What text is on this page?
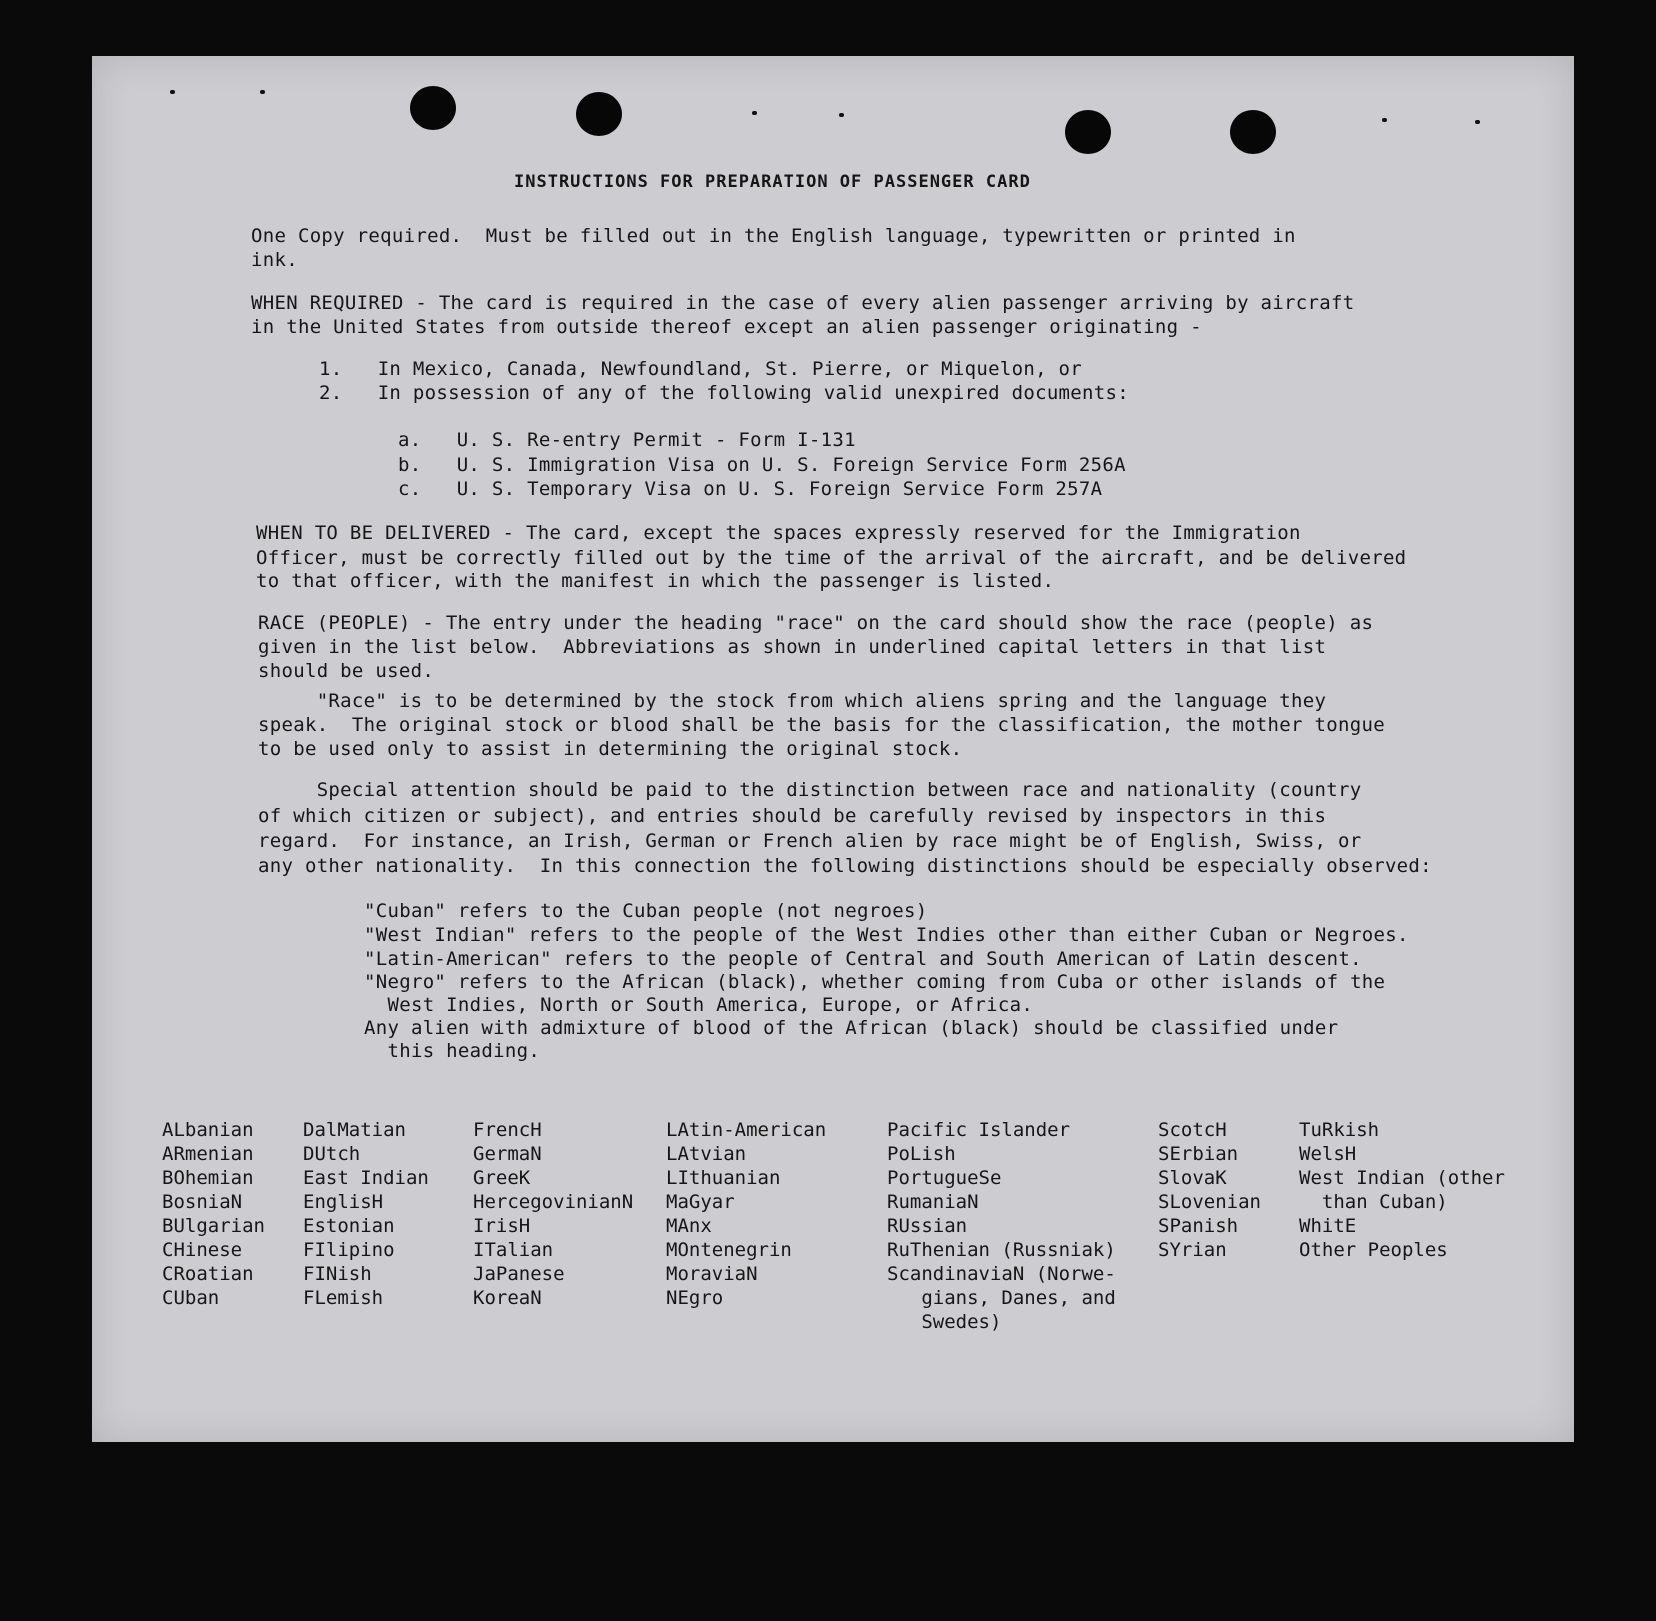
INSTRUCTIONS FOR PREPARATION OF PASSENGER CARD
One Copy required.  Must be filled out in the English language, typewritten or printed in
ink.
WHEN REQUIRED - The card is required in the case of every alien passenger arriving by aircraft
in the United States from outside thereof except an alien passenger originating -
1.   In Mexico, Canada, Newfoundland, St. Pierre, or Miquelon, or
2.   In possession of any of the following valid unexpired documents:
a.   U. S. Re-entry Permit - Form I-131
b.   U. S. Immigration Visa on U. S. Foreign Service Form 256A
c.   U. S. Temporary Visa on U. S. Foreign Service Form 257A
WHEN TO BE DELIVERED - The card, except the spaces expressly reserved for the Immigration
Officer, must be correctly filled out by the time of the arrival of the aircraft, and be delivered
to that officer, with the manifest in which the passenger is listed.
RACE (PEOPLE) - The entry under the heading "race" on the card should show the race (people) as
given in the list below.  Abbreviations as shown in underlined capital letters in that list
should be used.
"Race" is to be determined by the stock from which aliens spring and the language they
speak.  The original stock or blood shall be the basis for the classification, the mother tongue
to be used only to assist in determining the original stock.
Special attention should be paid to the distinction between race and nationality (country
of which citizen or subject), and entries should be carefully revised by inspectors in this
regard.  For instance, an Irish, German or French alien by race might be of English, Swiss, or
any other nationality.  In this connection the following distinctions should be especially observed:
"Cuban" refers to the Cuban people (not negroes)
"West Indian" refers to the people of the West Indies other than either Cuban or Negroes.
"Latin-American" refers to the people of Central and South American of Latin descent.
"Negro" refers to the African (black), whether coming from Cuba or other islands of the
West Indies, North or South America, Europe, or Africa.
Any alien with admixture of blood of the African (black) should be classified under
this heading.
ALbanian
ARmenian
BOhemian
BosniaN
BUlgarian
CHinese
CRoatian
CUban
DalMatian
DUtch
East Indian
EnglisH
Estonian
FIlipino
FINish
FLemish
FrencH
GermaN
GreeK
HercegovinianN
IrisH
ITalian
JaPanese
KoreaN
LAtin-American
LAtvian
LIthuanian
MaGyar
MAnx
MOntenegrin
MoraviaN
NEgro
Pacific Islander
PoLish
PortugueSe
RumaniaN
RUssian
RuThenian (Russniak)
ScandinaviaN (Norwe-
gians, Danes, and
Swedes)
ScotcH
SErbian
SlovaK
SLovenian
SPanish
SYrian
TuRkish
WelsH
West Indian (other
than Cuban)
WhitE
Other Peoples
